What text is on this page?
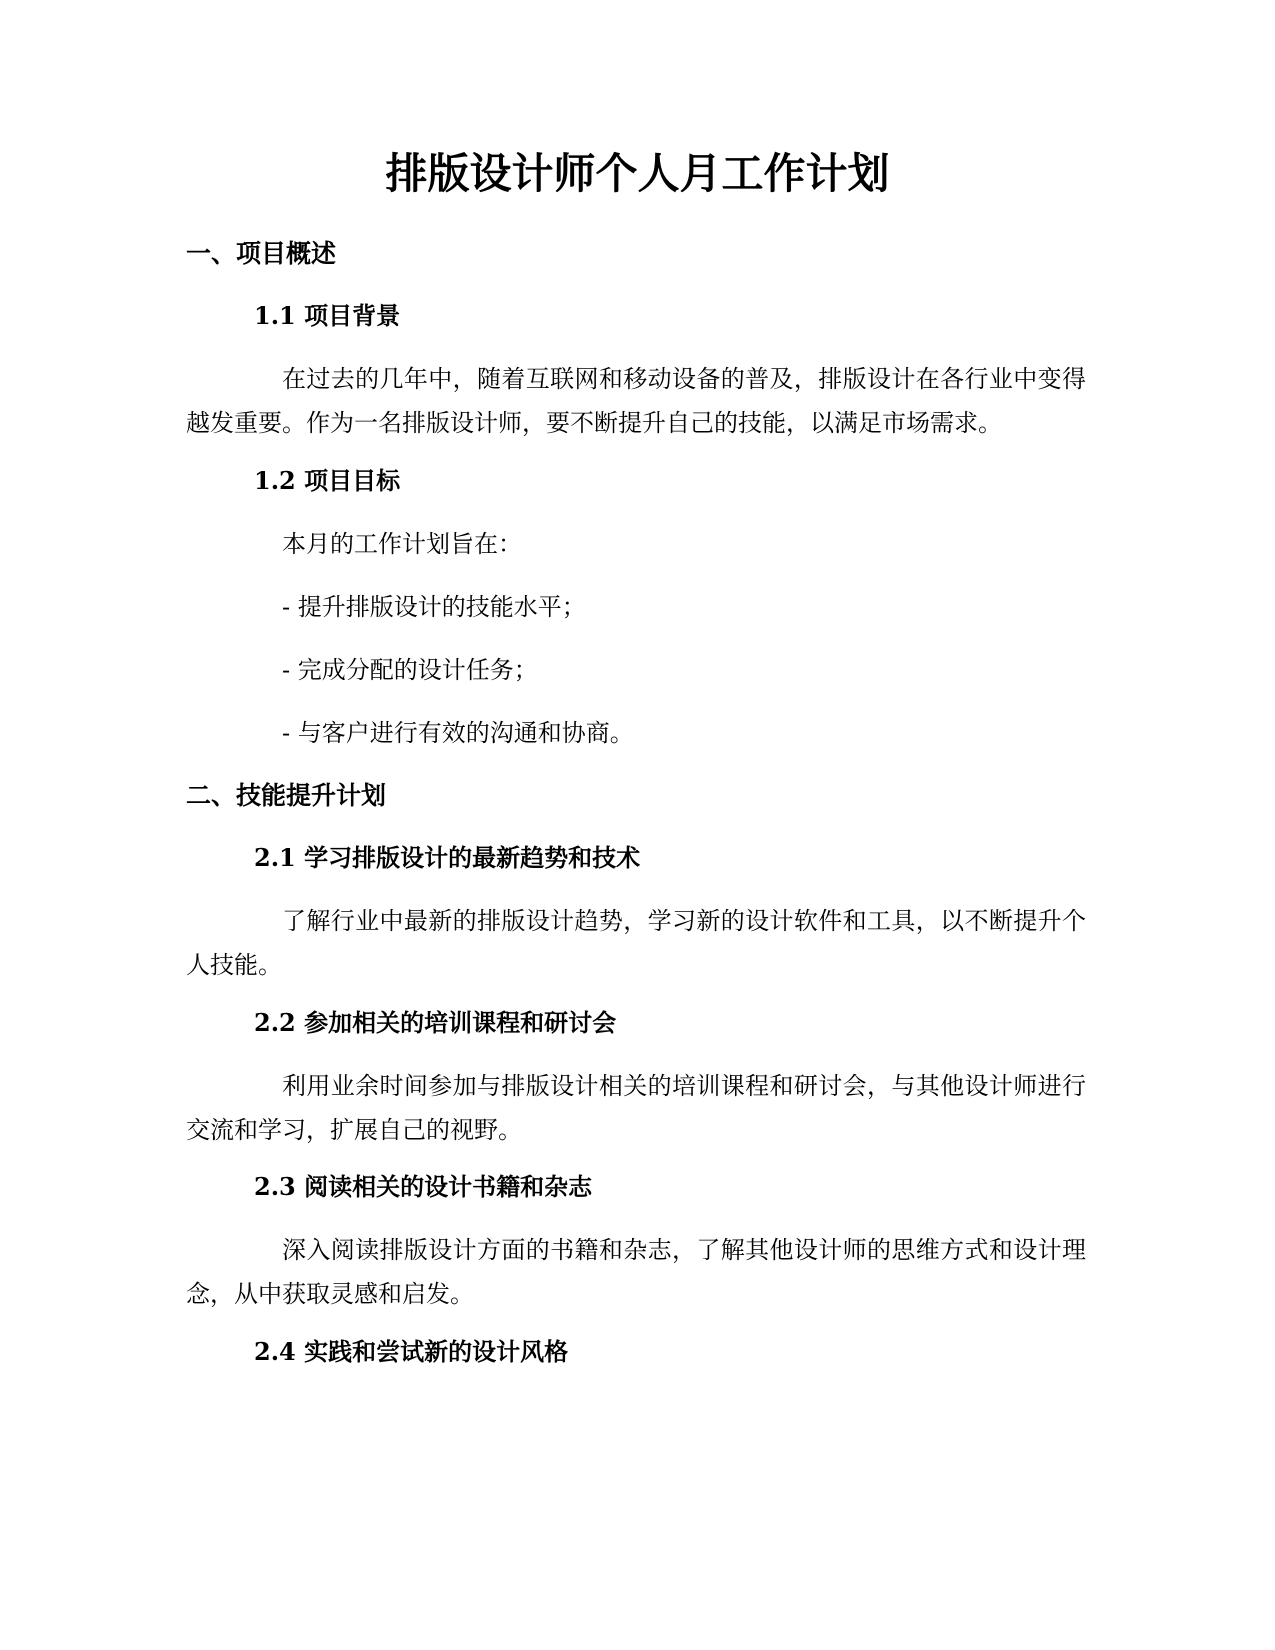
排版设计师个人月工作计划
一、项目概述
1.1 项目背景

在过去的几年中，随着互联网和移动设备的普及，排版设计在各行业中变得越发重要。作为一名排版设计师，要不断提升自己的技能，以满足市场需求。

1.2 项目目标

本月的工作计划旨在：

- 提升排版设计的技能水平；

- 完成分配的设计任务；

- 与客户进行有效的沟通和协商。

二、技能提升计划
2.1 学习排版设计的最新趋势和技术

了解行业中最新的排版设计趋势，学习新的设计软件和工具，以不断提升个人技能。

2.2 参加相关的培训课程和研讨会

利用业余时间参加与排版设计相关的培训课程和研讨会，与其他设计师进行交流和学习，扩展自己的视野。

2.3 阅读相关的设计书籍和杂志

深入阅读排版设计方面的书籍和杂志，了解其他设计师的思维方式和设计理念，从中获取灵感和启发。

2.4 实践和尝试新的设计风格
